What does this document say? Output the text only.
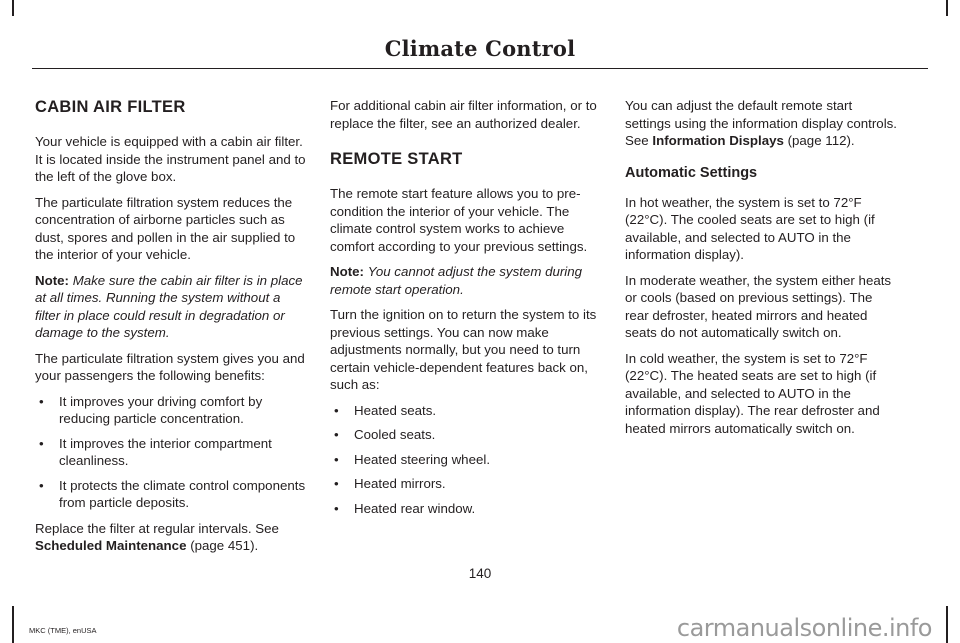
Climate Control
CABIN AIR FILTER

Your vehicle is equipped with a cabin air filter. It is located inside the instrument panel and to the left of the glove box.

The particulate filtration system reduces the concentration of airborne particles such as dust, spores and pollen in the air supplied to the interior of your vehicle.

Note: Make sure the cabin air filter is in place at all times. Running the system without a filter in place could result in degradation or damage to the system.

The particulate filtration system gives you and your passengers the following benefits:

• It improves your driving comfort by reducing particle concentration.
• It improves the interior compartment cleanliness.
• It protects the climate control components from particle deposits.

Replace the filter at regular intervals. See Scheduled Maintenance (page 451).

For additional cabin air filter information, or to replace the filter, see an authorized dealer.

REMOTE START

The remote start feature allows you to pre-condition the interior of your vehicle. The climate control system works to achieve comfort according to your previous settings.

Note: You cannot adjust the system during remote start operation.

Turn the ignition on to return the system to its previous settings. You can now make adjustments normally, but you need to turn certain vehicle-dependent features back on, such as:

• Heated seats.
• Cooled seats.
• Heated steering wheel.
• Heated mirrors.
• Heated rear window.

You can adjust the default remote start settings using the information display controls. See Information Displays (page 112).

Automatic Settings

In hot weather, the system is set to 72°F (22°C). The cooled seats are set to high (if available, and selected to AUTO in the information display).

In moderate weather, the system either heats or cools (based on previous settings). The rear defroster, heated mirrors and heated seats do not automatically switch on.

In cold weather, the system is set to 72°F (22°C). The heated seats are set to high (if available, and selected to AUTO in the information display). The rear defroster and heated mirrors automatically switch on.

140
MKC (TME), enUSA	carmanualsonline.info
